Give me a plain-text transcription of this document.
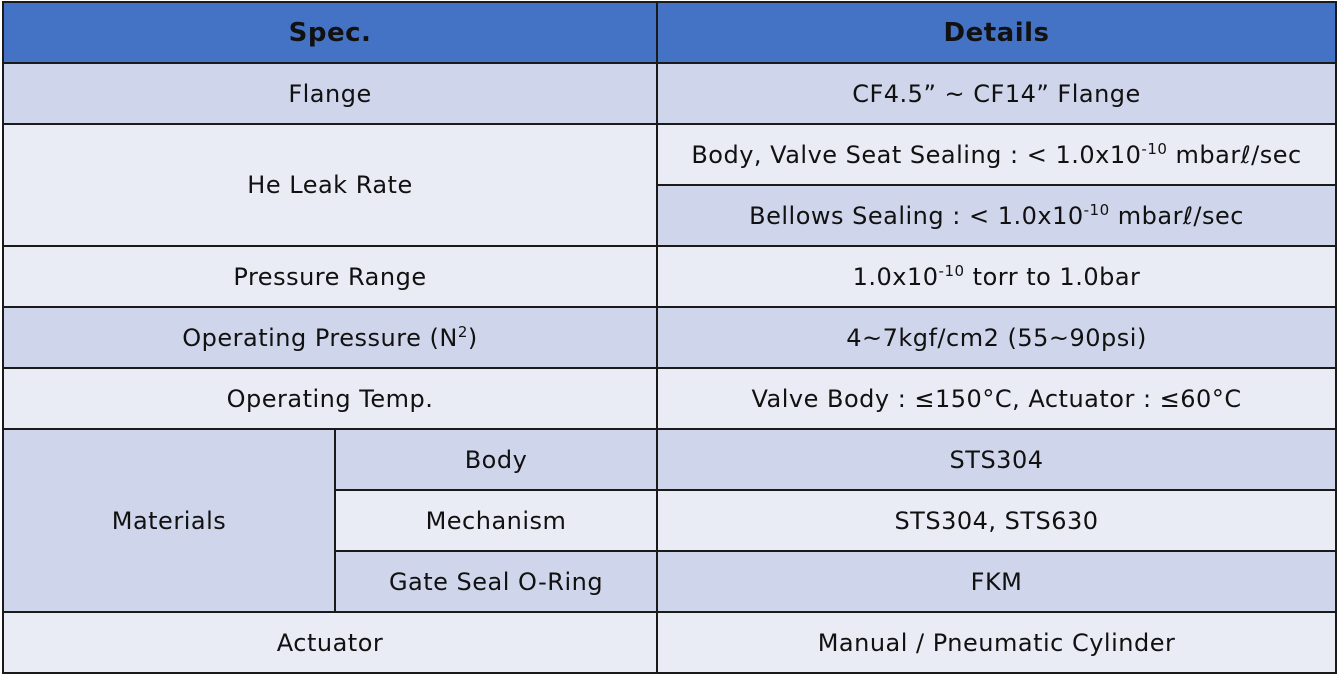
Spec.		Details
Flange		CF4.5” ~ CF14” Flange
He Leak Rate		Body, Valve Seat Sealing : < $1.0x10^{-10}$ mbarℓ/sec
		Bellows Sealing : < $1.0x10^{-10}$ mbarℓ/sec
Pressure Range		$1.0x10^{-10}$ torr to 1.0bar
Operating Pressure $(N^2)$		4~7kgf/cm2 (55~90psi)
Operating Temp.		Valve Body : ≤150°C, Actuator : ≤60°C
Materials	Body	STS304
	Mechanism	STS304, STS630
	Gate Seal O-Ring	FKM
Actuator		Manual / Pneumatic Cylinder
